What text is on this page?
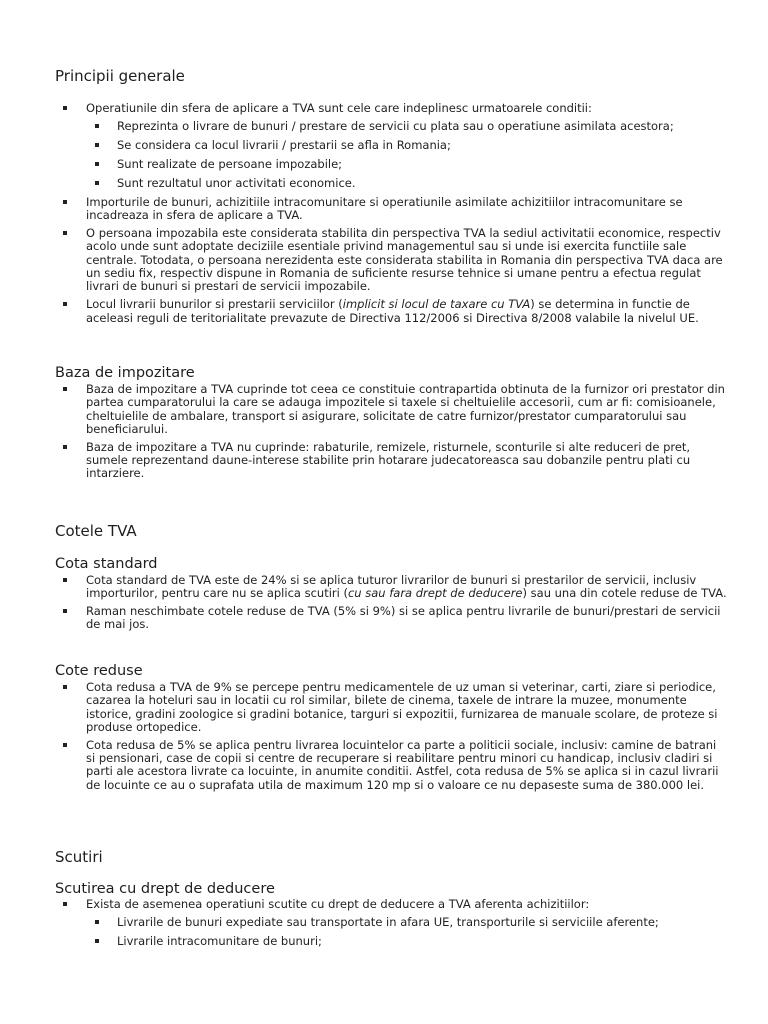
Principii generale
Operatiunile din sfera de aplicare a TVA sunt cele care indeplinesc urmatoarele conditii:
Reprezinta o livrare de bunuri / prestare de servicii cu plata sau o operatiune asimilata acestora;
Se considera ca locul livrarii / prestarii se afla in Romania;
Sunt realizate de persoane impozabile;
Sunt rezultatul unor activitati economice.
Importurile de bunuri, achizitiile intracomunitare si operatiunile asimilate achizitiilor intracomunitare se incadreaza in sfera de aplicare a TVA.
O persoana impozabila este considerata stabilita din perspectiva TVA la sediul activitatii economice, respectiv acolo unde sunt adoptate deciziile esentiale privind managementul sau si unde isi exercita functiile sale centrale. Totodata, o persoana nerezidenta este considerata stabilita in Romania din perspectiva TVA daca are un sediu fix, respectiv dispune in Romania de suficiente resurse tehnice si umane pentru a efectua regulat livrari de bunuri si prestari de servicii impozabile.
Locul livrarii bunurilor si prestarii serviciilor (implicit si locul de taxare cu TVA) se determina in functie de aceleasi reguli de teritorialitate prevazute de Directiva 112/2006 si Directiva 8/2008 valabile la nivelul UE.
Baza de impozitare
Baza de impozitare a TVA cuprinde tot ceea ce constituie contrapartida obtinuta de la furnizor ori prestator din partea cumparatorului la care se adauga impozitele si taxele si cheltuielile accesorii, cum ar fi: comisioanele, cheltuielile de ambalare, transport si asigurare, solicitate de catre furnizor/prestator cumparatorului sau beneficiarului.
Baza de impozitare a TVA nu cuprinde: rabaturile, remizele, risturnele, sconturile si alte reduceri de pret, sumele reprezentand daune-interese stabilite prin hotarare judecatoreasca sau dobanzile pentru plati cu intarziere.
Cotele TVA
Cota standard
Cota standard de TVA este de 24% si se aplica tuturor livrarilor de bunuri si prestarilor de servicii, inclusiv importurilor, pentru care nu se aplica scutiri (cu sau fara drept de deducere) sau una din cotele reduse de TVA.
Raman neschimbate cotele reduse de TVA (5% si 9%) si se aplica pentru livrarile de bunuri/prestari de servicii de mai jos.
Cote reduse
Cota redusa a TVA de 9% se percepe pentru medicamentele de uz uman si veterinar, carti, ziare si periodice, cazarea la hoteluri sau in locatii cu rol similar, bilete de cinema, taxele de intrare la muzee, monumente istorice, gradini zoologice si gradini botanice, targuri si expozitii, furnizarea de manuale scolare, de proteze si produse ortopedice.
Cota redusa de 5% se aplica pentru livrarea locuintelor ca parte a politicii sociale, inclusiv: camine de batrani si pensionari, case de copii si centre de recuperare si reabilitare pentru minori cu handicap, inclusiv cladiri si parti ale acestora livrate ca locuinte, in anumite conditii. Astfel, cota redusa de 5% se aplica si in cazul livrarii de locuinte ce au o suprafata utila de maximum 120 mp si o valoare ce nu depaseste suma de 380.000 lei.
Scutiri
Scutirea cu drept de deducere
Exista de asemenea operatiuni scutite cu drept de deducere a TVA aferenta achizitiilor:
Livrarile de bunuri expediate sau transportate in afara UE, transporturile si serviciile aferente;
Livrarile intracomunitare de bunuri;
